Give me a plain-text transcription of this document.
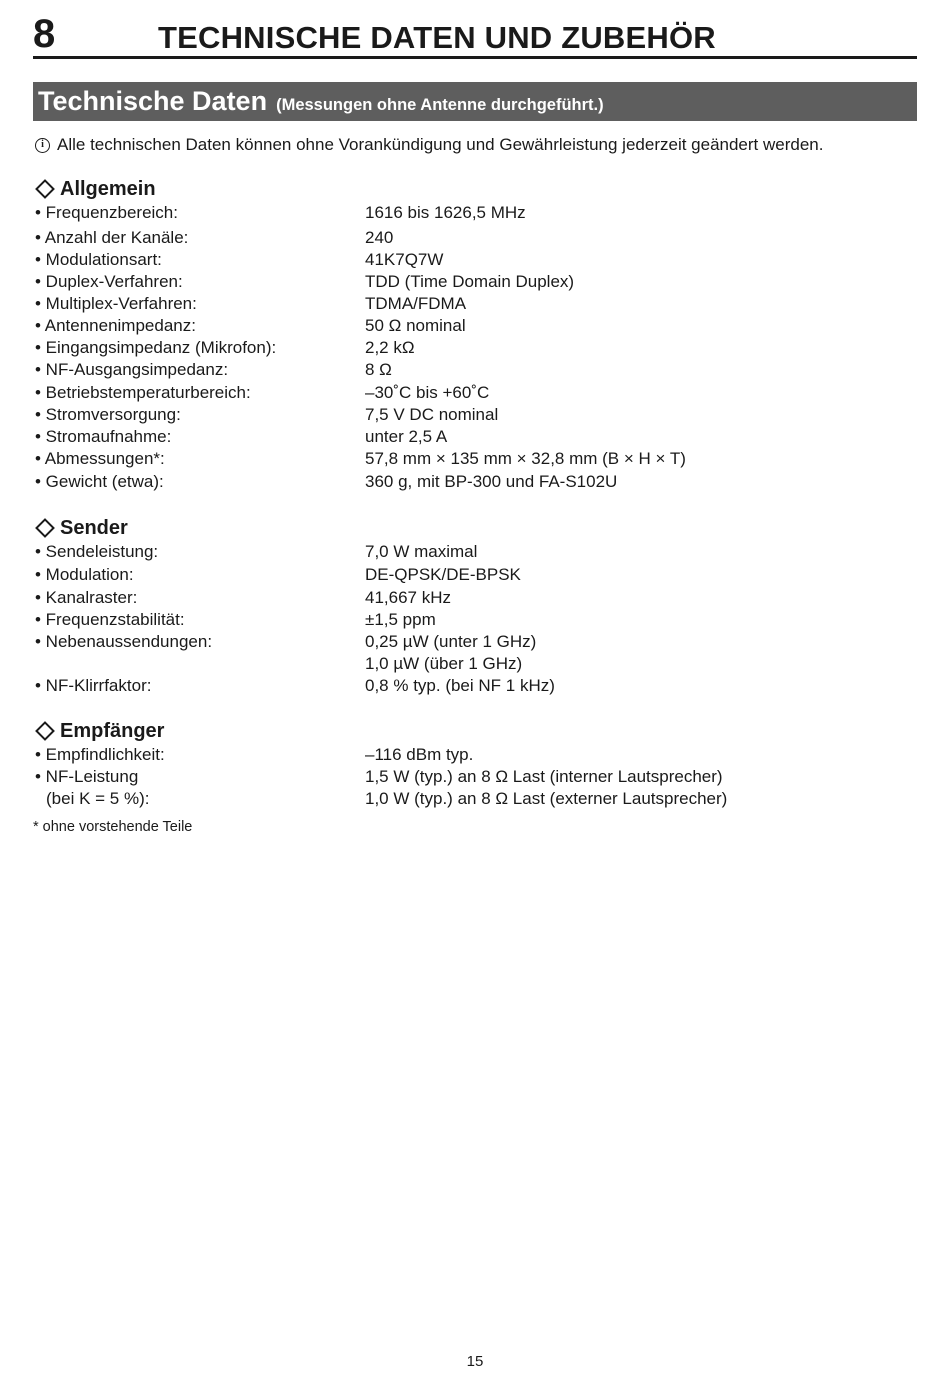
8	TECHNISCHE DATEN UND ZUBEHÖR
Technische Daten (Messungen ohne Antenne durchgeführt.)
i Alle technischen Daten können ohne Vorankündigung und Gewährleistung jederzeit geändert werden.
Allgemein
• Frequenzbereich:	1616 bis 1626,5 MHz
• Anzahl der Kanäle:	240
• Modulationsart:	41K7Q7W
• Duplex-Verfahren:	TDD (Time Domain Duplex)
• Multiplex-Verfahren:	TDMA/FDMA
• Antennenimpedanz:	50 Ω nominal
• Eingangsimpedanz (Mikrofon):	2,2 kΩ
• NF-Ausgangsimpedanz:	8 Ω
• Betriebstemperaturbereich:	–30˚C bis +60˚C
• Stromversorgung:	7,5 V DC nominal
• Stromaufnahme:	unter 2,5 A
• Abmessungen*:	57,8 mm × 135 mm × 32,8 mm (B × H × T)
• Gewicht (etwa):	360 g, mit BP-300 und FA-S102U
Sender
• Sendeleistung:	7,0 W maximal
• Modulation:	DE-QPSK/DE-BPSK
• Kanalraster:	41,667 kHz
• Frequenzstabilität:	±1,5 ppm
• Nebenaussendungen:	0,25 µW (unter 1 GHz)
1,0 µW (über 1 GHz)
• NF-Klirrfaktor:	0,8 % typ. (bei NF 1 kHz)
Empfänger
• Empfindlichkeit:	–116 dBm typ.
• NF-Leistung	1,5 W (typ.) an 8 Ω Last (interner Lautsprecher)
(bei K = 5 %):	1,0 W (typ.) an 8 Ω Last (externer Lautsprecher)
* ohne vorstehende Teile
15
